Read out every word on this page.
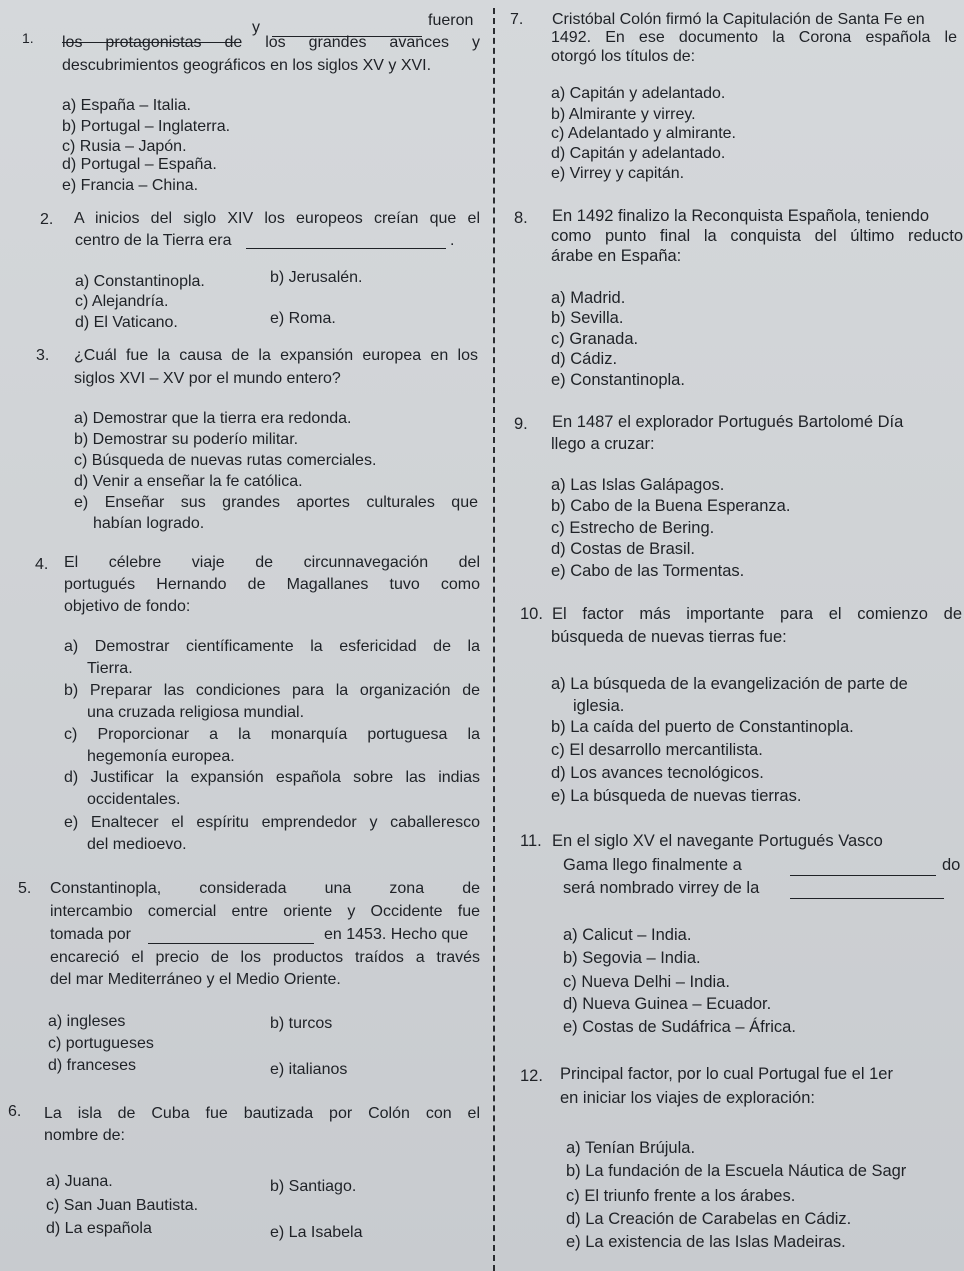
1.
y	fueron
los protagonistas de los grandes avances y
descubrimientos geográficos en los siglos XV y XVI.
a) España – Italia.
b) Portugal – Inglaterra.
c) Rusia – Japón.
d) Portugal – España.
e) Francia – China.
2. A inicios del siglo XIV los europeos creían que el
centro de la Tierra era	.
a) Constantinopla.	b) Jerusalén.
c) Alejandría.
d) El Vaticano.	e) Roma.
3. ¿Cuál fue la causa de la expansión europea en los
siglos XVI – XV por el mundo entero?
a) Demostrar que la tierra era redonda.
b) Demostrar su poderío militar.
c) Búsqueda de nuevas rutas comerciales.
d) Venir a enseñar la fe católica.
e) Enseñar sus grandes aportes culturales que
habían logrado.
4. El célebre viaje de circunnavegación del
portugués Hernando de Magallanes tuvo como
objetivo de fondo:
a) Demostrar científicamente la esfericidad de la
Tierra.
b) Preparar las condiciones para la organización de
una cruzada religiosa mundial.
c) Proporcionar a la monarquía portuguesa la
hegemonía europea.
d) Justificar la expansión española sobre las indias
occidentales.
e) Enaltecer el espíritu emprendedor y caballeresco
del medioevo.
5. Constantinopla, considerada una zona de
intercambio comercial entre oriente y Occidente fue
tomada por	en 1453. Hecho que
encareció el precio de los productos traídos a través
del mar Mediterráneo y el Medio Oriente.
a) ingleses	b) turcos
c) portugueses
d) franceses	e) italianos
6. La isla de Cuba fue bautizada por Colón con el
nombre de:
a) Juana.	b) Santiago.
c) San Juan Bautista.
d) La española	e) La Isabela
7. Cristóbal Colón firmó la Capitulación de Santa Fe en
1492. En ese documento la Corona española le
otorgó los títulos de:
a) Capitán y adelantado.
b) Almirante y virrey.
c) Adelantado y almirante.
d) Capitán y adelantado.
e) Virrey y capitán.
8. En 1492 finalizo la Reconquista Española, teniendo
como punto final la conquista del último reducto
árabe en España:
a) Madrid.
b) Sevilla.
c) Granada.
d) Cádiz.
e) Constantinopla.
9. En 1487 el explorador Portugués Bartolomé Día
llego a cruzar:
a) Las Islas Galápagos.
b) Cabo de la Buena Esperanza.
c) Estrecho de Bering.
d) Costas de Brasil.
e) Cabo de las Tormentas.
10. El factor más importante para el comienzo de
búsqueda de nuevas tierras fue:
a) La búsqueda de la evangelización de parte de
iglesia.
b) La caída del puerto de Constantinopla.
c) El desarrollo mercantilista.
d) Los avances tecnológicos.
e) La búsqueda de nuevas tierras.
11. En el siglo XV el navegante Portugués Vasco
Gama llego finalmente a	do
será nombrado virrey de la
a) Calicut – India.
b) Segovia – India.
c) Nueva Delhi – India.
d) Nueva Guinea – Ecuador.
e) Costas de Sudáfrica – África.
12. Principal factor, por lo cual Portugal fue el 1er
en iniciar los viajes de exploración:
a) Tenían Brújula.
b) La fundación de la Escuela Náutica de Sagr
c) El triunfo frente a los árabes.
d) La Creación de Carabelas en Cádiz.
e) La existencia de las Islas Madeiras.
